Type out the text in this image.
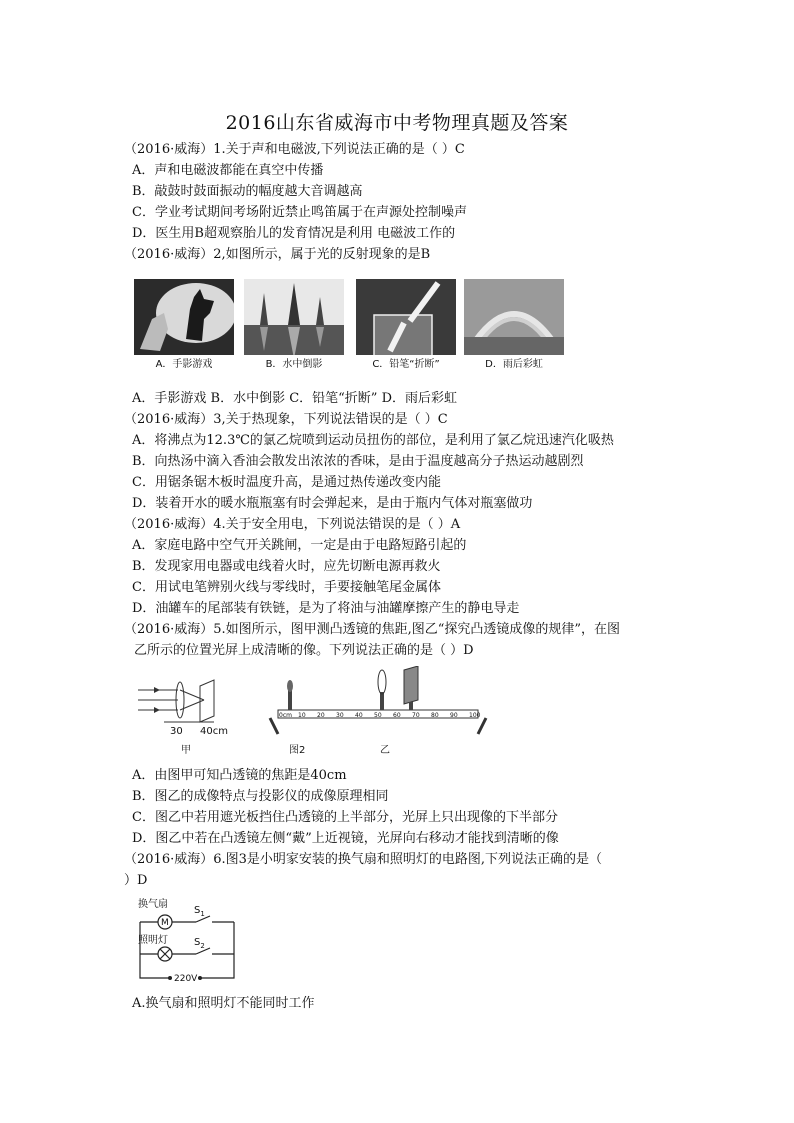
2016山东省威海市中考物理真题及答案
（2016·威海）1.关于声和电磁波,下列说法正确的是（ ）C
A．声和电磁波都能在真空中传播
B．敲鼓时鼓面振动的幅度越大音调越高
C．学业考试期间考场附近禁止鸣笛属于在声源处控制噪声
D．医生用B超观察胎儿的发育情况是利用 电磁波工作的
（2016·威海）2,如图所示，属于光的反射现象的是B
A．手影游戏	B．水中倒影	C．铅笔“折断”	D．雨后彩虹
A．手影游戏 B．水中倒影 C．铅笔“折断” D．雨后彩虹
（2016·威海）3,关于热现象，下列说法错误的是（ ）C
A．将沸点为12.3℃的氯乙烷喷到运动员扭伤的部位，是利用了氯乙烷迅速汽化吸热
B．向热汤中滴入香油会散发出浓浓的香味，是由于温度越高分子热运动越剧烈
C．用锯条锯木板时温度升高，是通过热传递改变内能
D．装着开水的暖水瓶瓶塞有时会弹起来，是由于瓶内气体对瓶塞做功
（2016·威海）4.关于安全用电，下列说法错误的是（ ）A
A．家庭电路中空气开关跳闸，一定是由于电路短路引起的
B．发现家用电器或电线着火时，应先切断电源再救火
C．用试电笔辨别火线与零线时，手要接触笔尾金属体
D．油罐车的尾部装有铁链，是为了将油与油罐摩擦产生的静电导走
（2016·威海）5.如图所示，图甲测凸透镜的焦距,图乙“探究凸透镜成像的规律”，在图
乙所示的位置光屏上成清晰的像。下列说法正确的是（ ）D
30 40cm
0cm 10 20 30 40 50 60 70 80 90 100
甲	图2	乙
A．由图甲可知凸透镜的焦距是40cm
B．图乙的成像特点与投影仪的成像原理相同
C．图乙中若用遮光板挡住凸透镜的上半部分，光屏上只出现像的下半部分
D．图乙中若在凸透镜左侧“戴”上近视镜，光屏向右移动才能找到清晰的像
（2016·威海）6.图3是小明家安装的换气扇和照明灯的电路图,下列说法正确的是（
）D
换气扇
M
$S_1$
照明灯	$S_2$
220V
A.换气扇和照明灯不能同时工作
